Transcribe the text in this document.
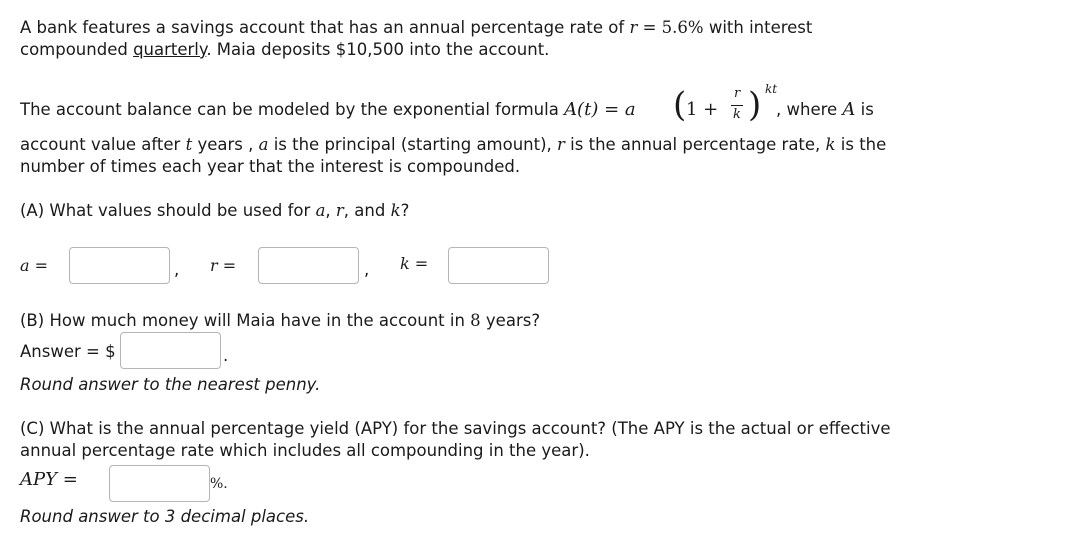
A bank features a savings account that has an annual percentage rate of r = 5.6% with interest
compounded quarterly. Maia deposits $10,500 into the account.
The account balance can be modeled by the exponential formula A(t) = a ( 1 +
r
k ) kt
, where A is
account value after t years , a is the principal (starting amount), r is the annual percentage rate, k is the
number of times each year that the interest is compounded.
(A) What values should be used for a, r, and k?
a =	, r =	, k =
(B) How much money will Maia have in the account in 8 years?
Answer = $	.
Round answer to the nearest penny.
(C) What is the annual percentage yield (APY) for the savings account? (The APY is the actual or effective
annual percentage rate which includes all compounding in the year).
APY =	%.
Round answer to 3 decimal places.
